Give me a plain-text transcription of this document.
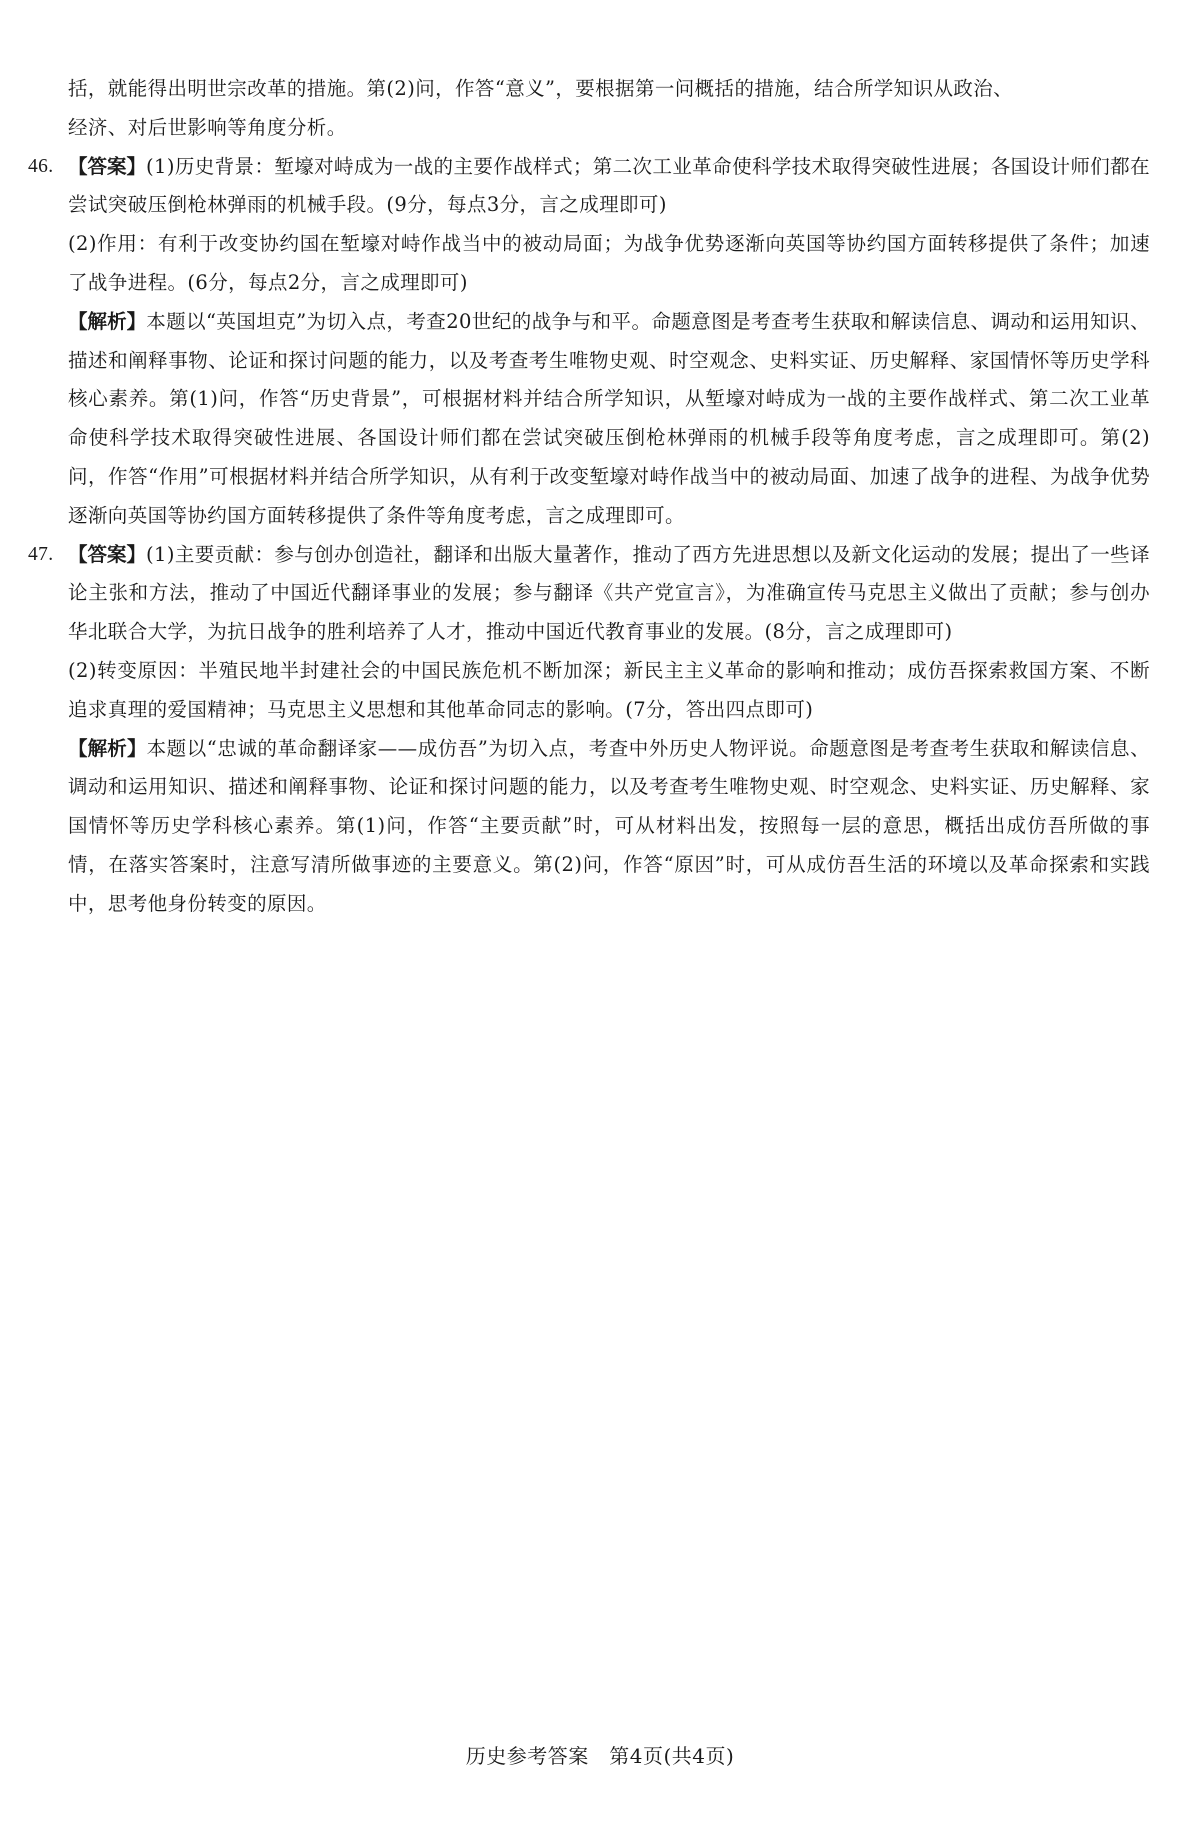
括，就能得出明世宗改革的措施。第(2)问，作答“意义”，要根据第一问概括的措施，结合所学知识从政治、

经济、对后世影响等角度分析。

46. 【答案】(1)历史背景：堑壕对峙成为一战的主要作战样式；第二次工业革命使科学技术取得突破性进展；各国设计师们都在尝试突破压倒枪林弹雨的机械手段。(9分，每点3分，言之成理即可)

(2)作用：有利于改变协约国在堑壕对峙作战当中的被动局面；为战争优势逐渐向英国等协约国方面转移提供了条件；加速了战争进程。(6分，每点2分，言之成理即可)

【解析】本题以“英国坦克”为切入点，考查20世纪的战争与和平。命题意图是考查考生获取和解读信息、调动和运用知识、描述和阐释事物、论证和探讨问题的能力，以及考查考生唯物史观、时空观念、史料实证、历史解释、家国情怀等历史学科核心素养。第(1)问，作答“历史背景”，可根据材料并结合所学知识，从堑壕对峙成为一战的主要作战样式、第二次工业革命使科学技术取得突破性进展、各国设计师们都在尝试突破压倒枪林弹雨的机械手段等角度考虑，言之成理即可。第(2)问，作答“作用”可根据材料并结合所学知识，从有利于改变堑壕对峙作战当中的被动局面、加速了战争的进程、为战争优势逐渐向英国等协约国方面转移提供了条件等角度考虑，言之成理即可。

47. 【答案】(1)主要贡献：参与创办创造社，翻译和出版大量著作，推动了西方先进思想以及新文化运动的发展；提出了一些译论主张和方法，推动了中国近代翻译事业的发展；参与翻译《共产党宣言》，为准确宣传马克思主义做出了贡献；参与创办华北联合大学，为抗日战争的胜利培养了人才，推动中国近代教育事业的发展。(8分，言之成理即可)

(2)转变原因：半殖民地半封建社会的中国民族危机不断加深；新民主主义革命的影响和推动；成仿吾探索救国方案、不断追求真理的爱国精神；马克思主义思想和其他革命同志的影响。(7分，答出四点即可)

【解析】本题以“忠诚的革命翻译家——成仿吾”为切入点，考查中外历史人物评说。命题意图是考查考生获取和解读信息、调动和运用知识、描述和阐释事物、论证和探讨问题的能力，以及考查考生唯物史观、时空观念、史料实证、历史解释、家国情怀等历史学科核心素养。第(1)问，作答“主要贡献”时，可从材料出发，按照每一层的意思，概括出成仿吾所做的事情，在落实答案时，注意写清所做事迹的主要意义。第(2)问，作答“原因”时，可从成仿吾生活的环境以及革命探索和实践中，思考他身份转变的原因。

历史参考答案　第4页(共4页)
